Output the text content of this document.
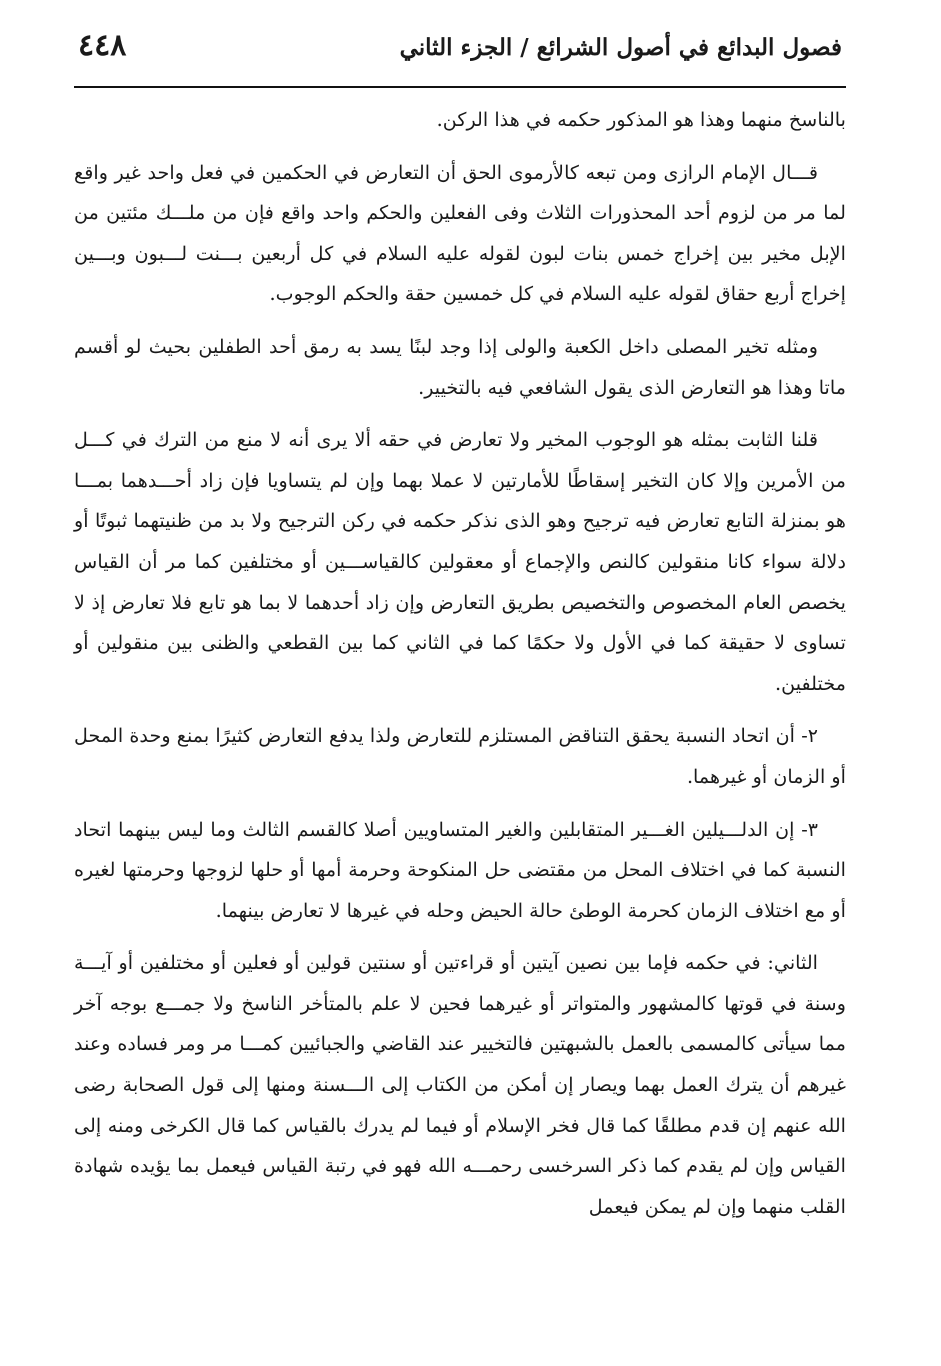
فصول البدائع في أصول الشرائع / الجزء الثاني
٤٤٨

بالناسخ منهما وهذا هو المذكور حكمه في هذا الركن.

قـــال الإمام الرازى ومن تبعه كالأرموى الحق أن التعارض في الحكمين في فعل واحد غير واقع لما مر من لزوم أحد المحذورات الثلاث وفى الفعلين والحكم واحد واقع فإن من ملـــك مئتين من الإبل مخير بين إخراج خمس بنات لبون لقوله عليه السلام في كل أربعين بـــنت لـــبون وبـــين إخراج أربع حقاق لقوله عليه السلام في كل خمسين حقة والحكم الوجوب.

ومثله تخير المصلى داخل الكعبة والولى إذا وجد لبنًا يسد به رمق أحد الطفلين بحيث لو أقسم ماتا وهذا هو التعارض الذى يقول الشافعي فيه بالتخيير.

قلنا الثابت بمثله هو الوجوب المخير ولا تعارض في حقه ألا يرى أنه لا منع من الترك في كـــل من الأمرين وإلا كان التخير إسقاطًا للأمارتين لا عملا بهما وإن لم يتساويا فإن زاد أحـــدهما بمـــا هو بمنزلة التابع تعارض فيه ترجيح وهو الذى نذكر حكمه في ركن الترجيح ولا بد من ظنيتهما ثبوتًا أو دلالة سواء كانا منقولين كالنص والإجماع أو معقولين كالقياســـين أو مختلفين كما مر أن القياس يخصص العام المخصوص والتخصيص بطريق التعارض وإن زاد أحدهما لا بما هو تابع فلا تعارض إذ لا تساوى لا حقيقة كما في الأول ولا حكمًا كما في الثاني كما بين القطعي والظنى بين منقولين أو مختلفين.

٢- أن اتحاد النسبة يحقق التناقض المستلزم للتعارض ولذا يدفع التعارض كثيرًا بمنع وحدة المحل أو الزمان أو غيرهما.

٣- إن الدلـــيلين الغـــير المتقابلين والغير المتساويين أصلا كالقسم الثالث وما ليس بينهما اتحاد النسبة كما في اختلاف المحل من مقتضى حل المنكوحة وحرمة أمها أو حلها لزوجها وحرمتها لغيره أو مع اختلاف الزمان كحرمة الوطئ حالة الحيض وحله في غيرها لا تعارض بينهما.

الثاني: في حكمه فإما بين نصين آيتين أو قراءتين أو سنتين قولين أو فعلين أو مختلفين أو آيـــة وسنة في قوتها كالمشهور والمتواتر أو غيرهما فحين لا علم بالمتأخر الناسخ ولا جمـــع بوجه آخر مما سيأتى كالمسمى بالعمل بالشبهتين فالتخيير عند القاضي والجبائيين كمـــا مر ومر فساده وعند غيرهم أن يترك العمل بهما ويصار إن أمكن من الكتاب إلى الـــسنة ومنها إلى قول الصحابة رضى الله عنهم إن قدم مطلقًا كما قال فخر الإسلام أو فيما لم يدرك بالقياس كما قال الكرخى ومنه إلى القياس وإن لم يقدم كما ذكر السرخسى رحمـــه الله فهو في رتبة القياس فيعمل بما يؤيده شهادة القلب منهما وإن لم يمكن فيعمل
